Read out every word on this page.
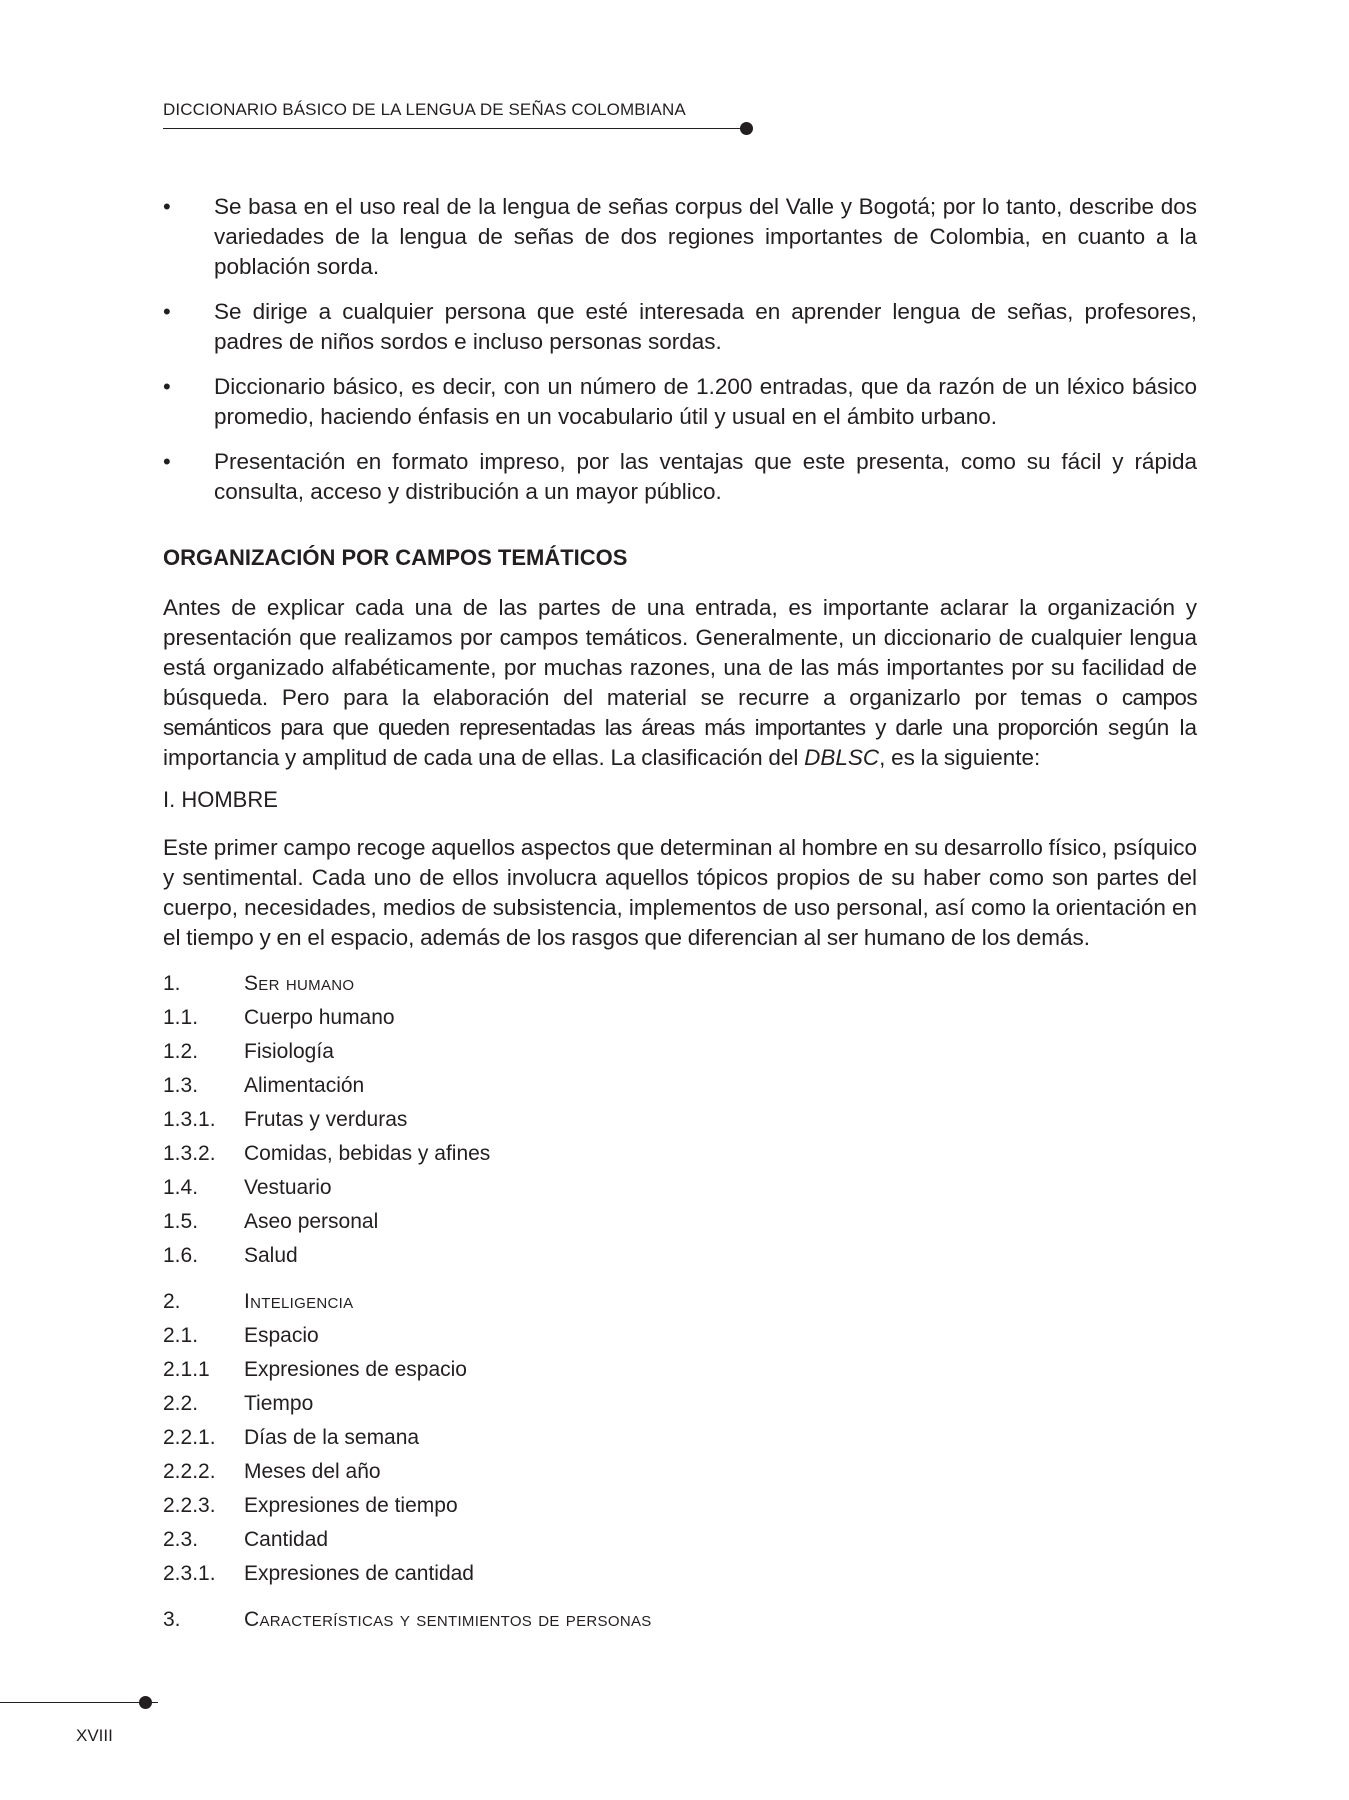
DICCIONARIO BÁSICO DE LA LENGUA DE SEÑAS COLOMBIANA
• Se basa en el uso real de la lengua de señas corpus del Valle y Bogotá; por lo tanto, describe dos variedades de la lengua de señas de dos regiones importantes de Colombia, en cuanto a la población sorda.
• Se dirige a cualquier persona que esté interesada en aprender lengua de señas, profesores, padres de niños sordos e incluso personas sordas.
• Diccionario básico, es decir, con un número de 1.200 entradas, que da razón de un léxico básico promedio, haciendo énfasis en un vocabulario útil y usual en el ámbito urbano.
• Presentación en formato impreso, por las ventajas que este presenta, como su fácil y rápida consulta, acceso y distribución a un mayor público.
ORGANIZACIÓN POR CAMPOS TEMÁTICOS

Antes de explicar cada una de las partes de una entrada, es importante aclarar la organización y presentación que realizamos por campos temáticos. Generalmente, un diccionario de cualquier lengua está organizado alfabéticamente, por muchas razones, una de las más importantes por su facilidad de búsqueda. Pero para la elaboración del material se recurre a organizarlo por temas o campos semánticos para que queden representadas las áreas más importantes y darle una proporción según la importancia y amplitud de cada una de ellas. La clasificación del DBLSC, es la siguiente:

I. HOMBRE

Este primer campo recoge aquellos aspectos que determinan al hombre en su desarrollo físico, psíquico y sentimental. Cada uno de ellos involucra aquellos tópicos propios de su haber como son partes del cuerpo, necesidades, medios de subsistencia, implementos de uso personal, así como la orientación en el tiempo y en el espacio, además de los rasgos que diferencian al ser humano de los demás.

1.	Ser humano
1.1.	Cuerpo humano
1.2.	Fisiología
1.3.	Alimentación
1.3.1.	Frutas y verduras
1.3.2.	Comidas, bebidas y afines
1.4.	Vestuario
1.5.	Aseo personal
1.6.	Salud
2.	Inteligencia
2.1.	Espacio
2.1.1	Expresiones de espacio
2.2.	Tiempo
2.2.1.	Días de la semana
2.2.2.	Meses del año
2.2.3.	Expresiones de tiempo
2.3.	Cantidad
2.3.1.	Expresiones de cantidad
3.	Características y sentimientos de personas
XVIII
